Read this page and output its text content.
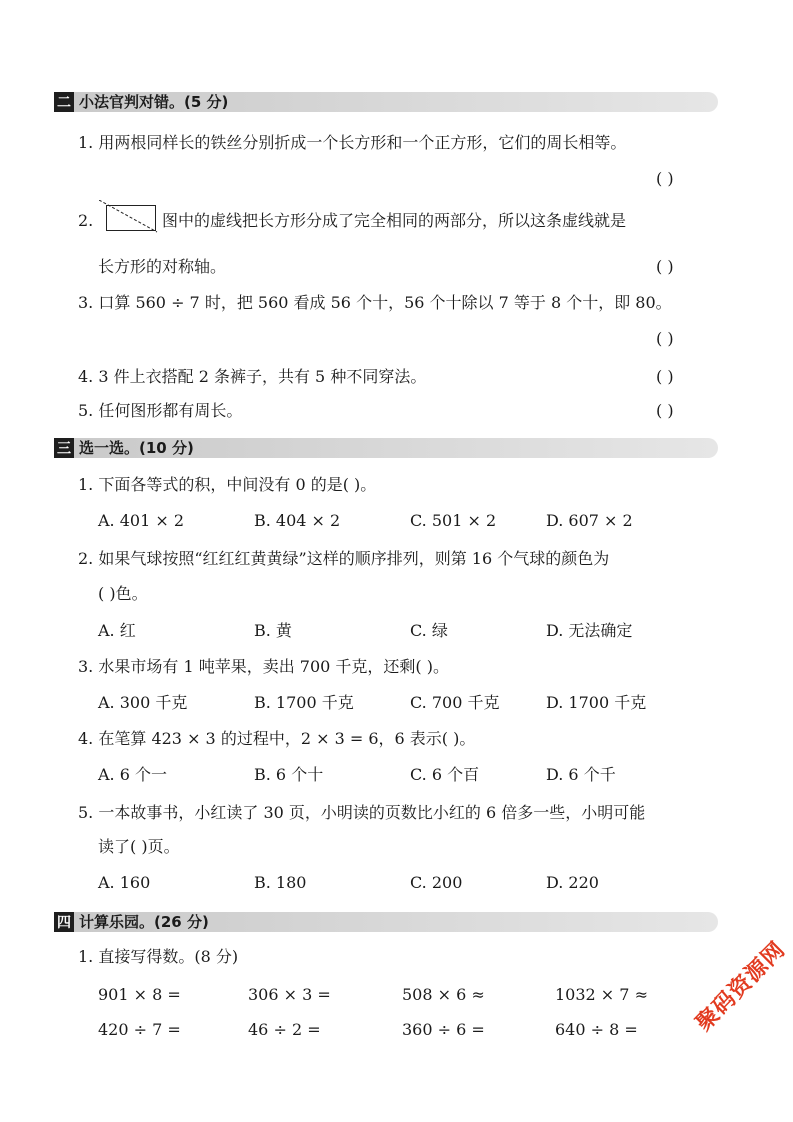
二 小法官判对错。(5 分)
1. 用两根同样长的铁丝分别折成一个长方形和一个正方形，它们的周长相等。
( )
2.	图中的虚线把长方形分成了完全相同的两部分，所以这条虚线就是
长方形的对称轴。	( )
3. 口算 560 ÷ 7 时，把 560 看成 56 个十，56 个十除以 7 等于 8 个十，即 80。
( )
4. 3 件上衣搭配 2 条裤子，共有 5 种不同穿法。	( )
5. 任何图形都有周长。	( )
三 选一选。(10 分)
1. 下面各等式的积，中间没有 0 的是( )。
A. 401 × 2	B. 404 × 2	C. 501 × 2	D. 607 × 2
2. 如果气球按照“红红红黄黄绿”这样的顺序排列，则第 16 个气球的颜色为
( )色。
A. 红	B. 黄	C. 绿	D. 无法确定
3. 水果市场有 1 吨苹果，卖出 700 千克，还剩( )。
A. 300 千克	B. 1700 千克	C. 700 千克	D. 1700 千克
4. 在笔算 423 × 3 的过程中，2 × 3 = 6，6 表示( )。
A. 6 个一	B. 6 个十	C. 6 个百	D. 6 个千
5. 一本故事书，小红读了 30 页，小明读的页数比小红的 6 倍多一些，小明可能
读了( )页。
A. 160	B. 180	C. 200	D. 220
四 计算乐园。(26 分)
1. 直接写得数。(8 分)
901 × 8 =	306 × 3 =	508 × 6 ≈	1032 × 7 ≈
420 ÷ 7 =	46 ÷ 2 =	360 ÷ 6 =	640 ÷ 8 = 聚码资源网
